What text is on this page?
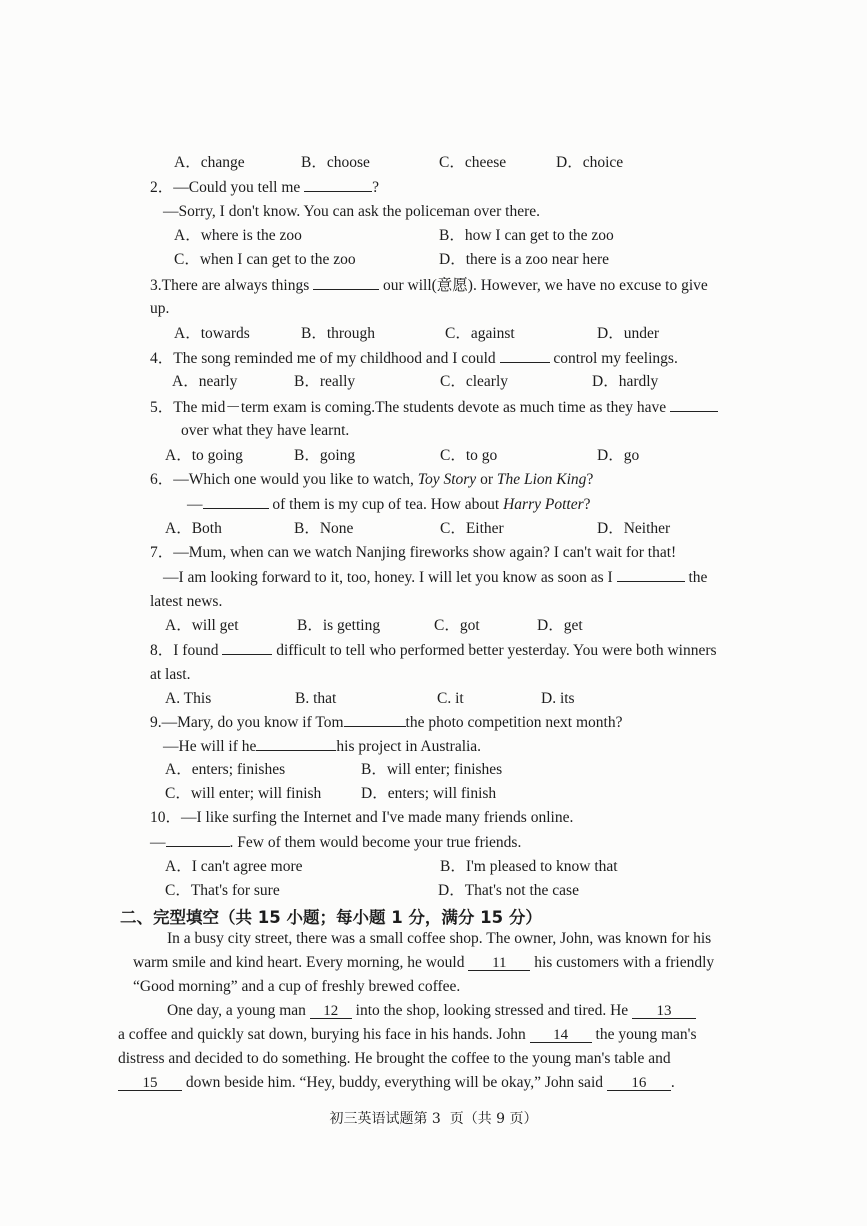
A．change	B．choose	C．cheese	D．choice
2．—Could you tell me	?
—Sorry, I don't know. You can ask the policeman over there.
A．where is the zoo	B．how I can get to the zoo
C．when I can get to the zoo	D．there is a zoo near here
3.There are always things	our will(意愿). However, we have no excuse to give
up.
A．towards	B．through	C．against	D．under
4．The song reminded me of my childhood and I could	control my feelings.
A．nearly	B．really	C．clearly	D．hardly
5．The mid－term exam is coming.The students devote as much time as they have
over what they have learnt.
A．to going	B．going	C．to go	D．go
6．—Which one would you like to watch, Toy Story or The Lion King?
—	of them is my cup of tea. How about Harry Potter?
A．Both	B．None	C．Either	D．Neither
7．—Mum, when can we watch Nanjing fireworks show again? I can't wait for that!
—I am looking forward to it, too, honey. I will let you know as soon as I	the
latest news.
A．will get	B．is getting	C．got	D．get
8．I found	difficult to tell who performed better yesterday. You were both winners
at last.
A. This	B. that	C. it	D. its
9.—Mary, do you know if Tom	the photo competition next month?
—He will if he	his project in Australia.
A．enters; finishes	B．will enter; finishes
C．will enter; will finish	D．enters; will finish
10．—I like surfing the Internet and I've made many friends online.
—	. Few of them would become your true friends.
A．I can't agree more	B．I'm pleased to know that
C．That's for sure	D．That's not the case
二、完型填空（共 15 小题；每小题 1 分，满分 15 分）
In a busy city street, there was a small coffee shop. The owner, John, was known for his
warm smile and kind heart. Every morning, he would 11 his customers with a friendly
“Good morning” and a cup of freshly brewed coffee.
One day, a young man 12 into the shop, looking stressed and tired. He 13
a coffee and quickly sat down, burying his face in his hands. John 14 the young man's
distress and decided to do something. He brought the coffee to the young man's table and
15 down beside him. “Hey, buddy, everything will be okay,” John said 16 .
初三英语试题第 3  页（共 9 页）
